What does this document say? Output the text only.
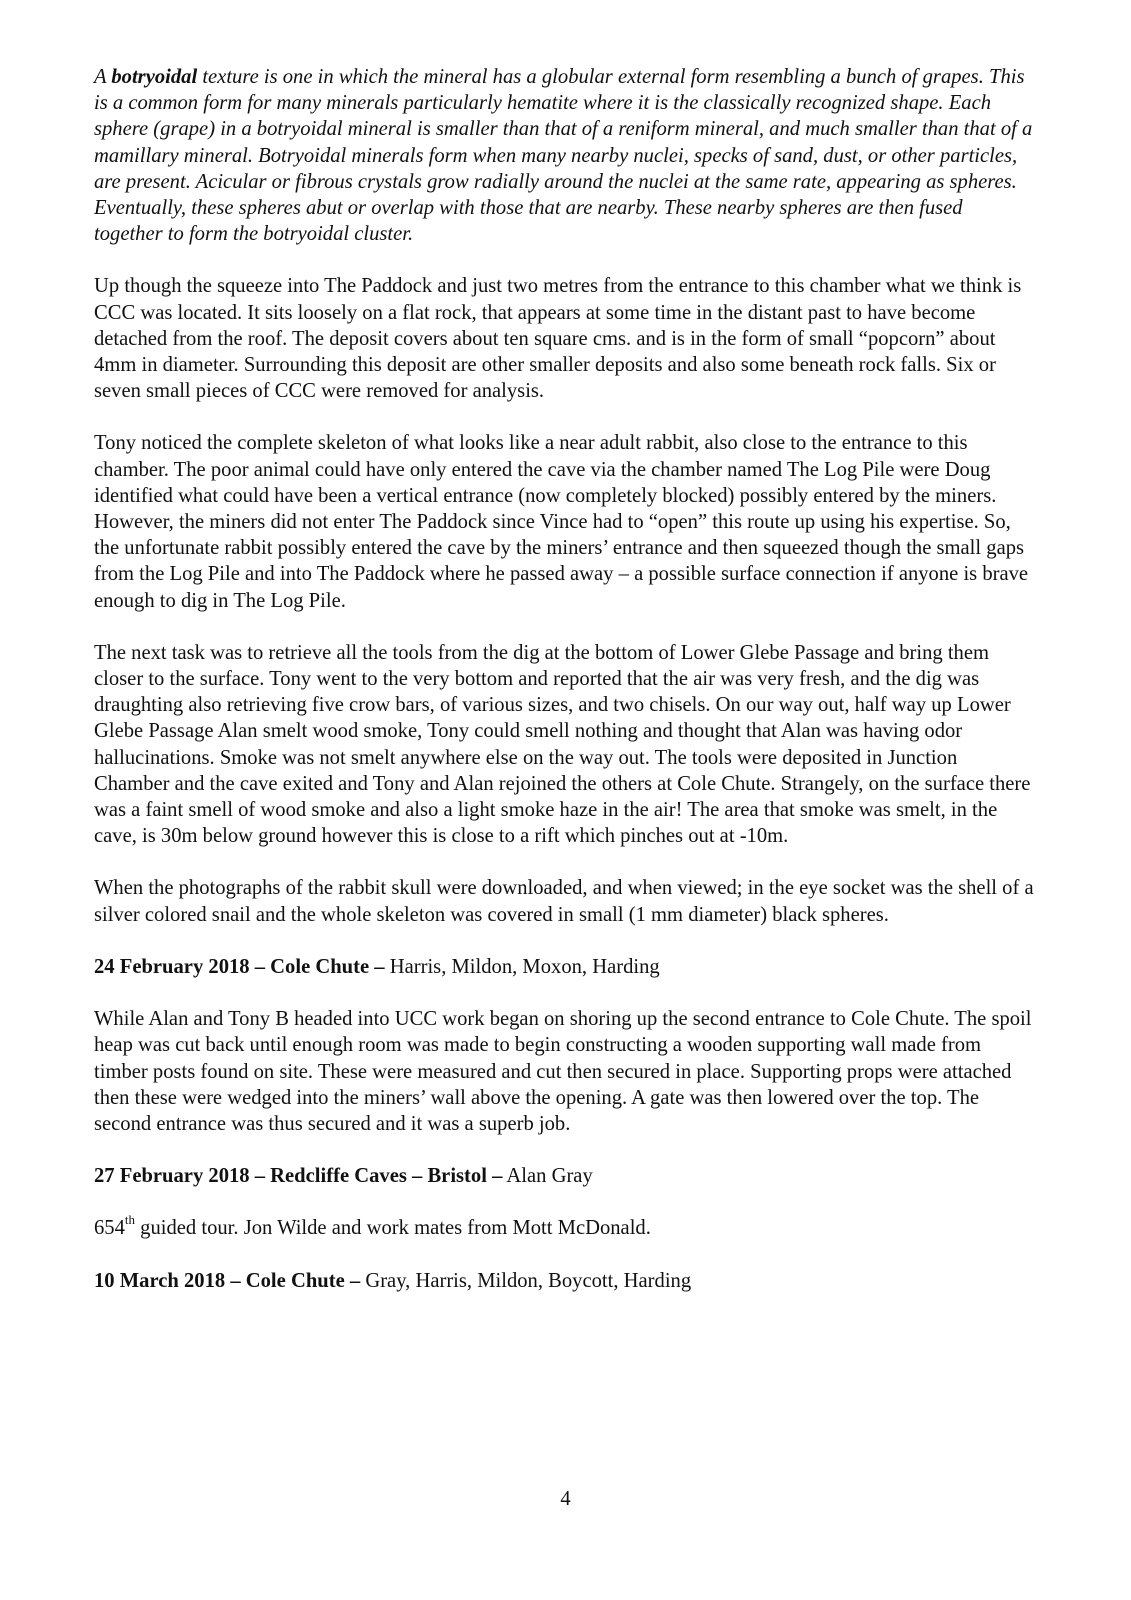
A botryoidal texture is one in which the mineral has a globular external form resembling a bunch of grapes. This is a common form for many minerals particularly hematite where it is the classically recognized shape. Each sphere (grape) in a botryoidal mineral is smaller than that of a reniform mineral, and much smaller than that of a mamillary mineral. Botryoidal minerals form when many nearby nuclei, specks of sand, dust, or other particles, are present. Acicular or fibrous crystals grow radially around the nuclei at the same rate, appearing as spheres. Eventually, these spheres abut or overlap with those that are nearby. These nearby spheres are then fused together to form the botryoidal cluster.

Up though the squeeze into The Paddock and just two metres from the entrance to this chamber what we think is CCC was located. It sits loosely on a flat rock, that appears at some time in the distant past to have become detached from the roof. The deposit covers about ten square cms. and is in the form of small “popcorn” about 4mm in diameter. Surrounding this deposit are other smaller deposits and also some beneath rock falls. Six or seven small pieces of CCC were removed for analysis.

Tony noticed the complete skeleton of what looks like a near adult rabbit, also close to the entrance to this chamber. The poor animal could have only entered the cave via the chamber named The Log Pile were Doug identified what could have been a vertical entrance (now completely blocked) possibly entered by the miners. However, the miners did not enter The Paddock since Vince had to “open” this route up using his expertise. So, the unfortunate rabbit possibly entered the cave by the miners’ entrance and then squeezed though the small gaps from the Log Pile and into The Paddock where he passed away – a possible surface connection if anyone is brave enough to dig in The Log Pile.

The next task was to retrieve all the tools from the dig at the bottom of Lower Glebe Passage and bring them closer to the surface. Tony went to the very bottom and reported that the air was very fresh, and the dig was draughting also retrieving five crow bars, of various sizes, and two chisels. On our way out, half way up Lower Glebe Passage Alan smelt wood smoke, Tony could smell nothing and thought that Alan was having odor hallucinations. Smoke was not smelt anywhere else on the way out. The tools were deposited in Junction Chamber and the cave exited and Tony and Alan rejoined the others at Cole Chute. Strangely, on the surface there was a faint smell of wood smoke and also a light smoke haze in the air! The area that smoke was smelt, in the cave, is 30m below ground however this is close to a rift which pinches out at -10m.

When the photographs of the rabbit skull were downloaded, and when viewed; in the eye socket was the shell of a silver colored snail and the whole skeleton was covered in small (1 mm diameter) black spheres.

24 February 2018 – Cole Chute – Harris, Mildon, Moxon, Harding

While Alan and Tony B headed into UCC work began on shoring up the second entrance to Cole Chute. The spoil heap was cut back until enough room was made to begin constructing a wooden supporting wall made from timber posts found on site. These were measured and cut then secured in place. Supporting props were attached then these were wedged into the miners’ wall above the opening. A gate was then lowered over the top. The second entrance was thus secured and it was a superb job.

27 February 2018 – Redcliffe Caves – Bristol – Alan Gray

654th guided tour. Jon Wilde and work mates from Mott McDonald.

10 March 2018 – Cole Chute – Gray, Harris, Mildon, Boycott, Harding

4
